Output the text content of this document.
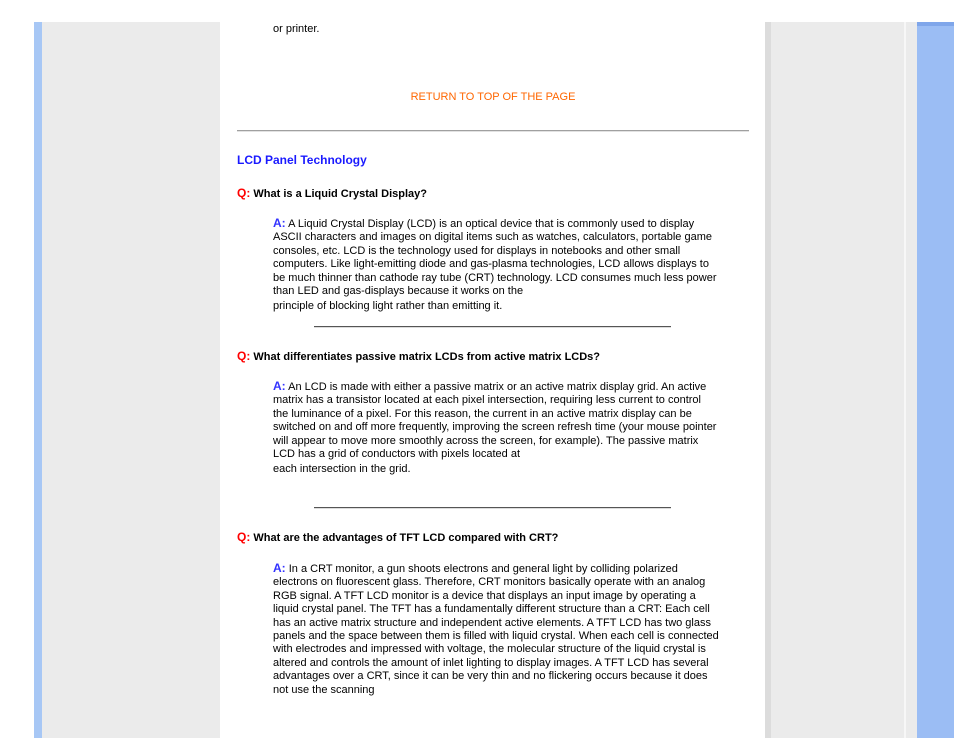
or printer.
RETURN TO TOP OF THE PAGE
LCD Panel Technology
Q: What is a Liquid Crystal Display?
A: A Liquid Crystal Display (LCD) is an optical device that is commonly used to display ASCII characters and images on digital items such as watches, calculators, portable game consoles, etc. LCD is the technology used for displays in notebooks and other small computers. Like light-emitting diode and gas-plasma technologies, LCD allows displays to be much thinner than cathode ray tube (CRT) technology. LCD consumes much less power than LED and gas-displays because it works on the
principle of blocking light rather than emitting it.
Q: What differentiates passive matrix LCDs from active matrix LCDs?
A: An LCD is made with either a passive matrix or an active matrix display grid. An active matrix has a transistor located at each pixel intersection, requiring less current to control the luminance of a pixel. For this reason, the current in an active matrix display can be switched on and off more frequently, improving the screen refresh time (your mouse pointer will appear to move more smoothly across the screen, for example). The passive matrix LCD has a grid of conductors with pixels located at
each intersection in the grid.
Q: What are the advantages of TFT LCD compared with CRT?
A: In a CRT monitor, a gun shoots electrons and general light by colliding polarized electrons on fluorescent glass. Therefore, CRT monitors basically operate with an analog RGB signal. A TFT LCD monitor is a device that displays an input image by operating a liquid crystal panel. The TFT has a fundamentally different structure than a CRT: Each cell has an active matrix structure and independent active elements. A TFT LCD has two glass panels and the space between them is filled with liquid crystal. When each cell is connected with electrodes and impressed with voltage, the molecular structure of the liquid crystal is altered and controls the amount of inlet lighting to display images. A TFT LCD has several advantages over a CRT, since it can be very thin and no flickering occurs because it does not use the scanning
